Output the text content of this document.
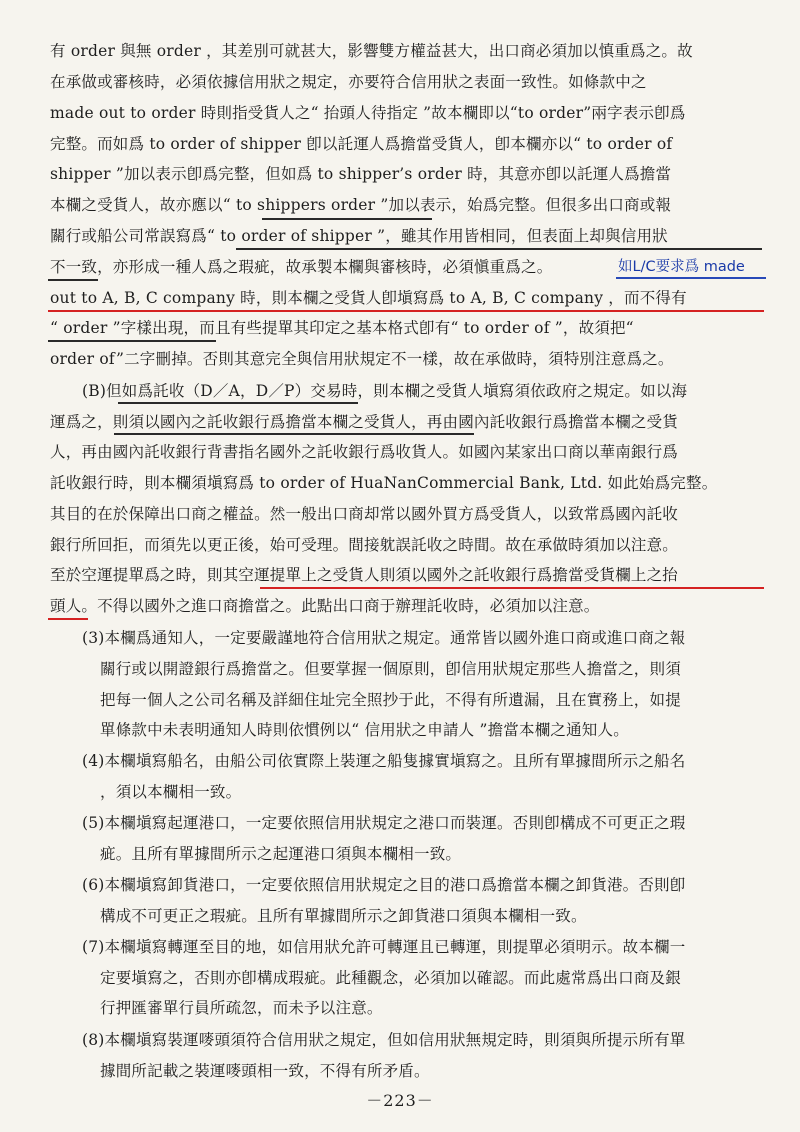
有 order 與無 order ，其差別可就甚大，影響雙方權益甚大，出口商必須加以慎重爲之。故
在承做或審核時，必須依據信用狀之規定，亦要符合信用狀之表面一致性。如條款中之
made out to order 時則指受貨人之“ 抬頭人待指定 ”故本欄即以“to order”兩字表示卽爲
完整。而如爲 to order of shipper 卽以託運人爲擔當受貨人，卽本欄亦以“ to order of
shipper ”加以表示卽爲完整，但如爲 to shipper’s order 時，其意亦卽以託運人爲擔當
本欄之受貨人，故亦應以“ to shippers order ”加以表示，始爲完整。但很多出口商或報
關行或船公司常誤寫爲“ to order of shipper ”，雖其作用皆相同，但表面上却與信用狀
不一致，亦形成一種人爲之瑕疵，故承製本欄與審核時，必須愼重爲之。	如L/C要求爲 made
out to A, B, C company 時，則本欄之受貨人卽塡寫爲 to A, B, C company ，而不得有
“ order ”字樣出現，而且有些提單其印定之基本格式卽有“ to order of ”，故須把“
order of”二字刪掉。否則其意完全與信用狀規定不一樣，故在承做時，須特別注意爲之。
(B)但如爲託收（D／A，D／P）交易時，則本欄之受貨人塡寫須依政府之規定。如以海
運爲之，則須以國內之託收銀行爲擔當本欄之受貨人，再由國內託收銀行爲擔當本欄之受貨
人，再由國內託收銀行背書指名國外之託收銀行爲收貨人。如國內某家出口商以華南銀行爲
託收銀行時，則本欄須塡寫爲 to order of HuaNanCommercial Bank, Ltd. 如此始爲完整。
其目的在於保障出口商之權益。然一般出口商却常以國外買方爲受貨人，以致常爲國內託收
銀行所回拒，而須先以更正後，始可受理。間接躭誤託收之時間。故在承做時須加以注意。
至於空運提單爲之時，則其空運提單上之受貨人則須以國外之託收銀行爲擔當受貨欄上之抬
頭人。不得以國外之進口商擔當之。此點出口商于辦理託收時，必須加以注意。
(3)本欄爲通知人，一定要嚴謹地符合信用狀之規定。通常皆以國外進口商或進口商之報
關行或以開證銀行爲擔當之。但要掌握一個原則，卽信用狀規定那些人擔當之，則須
把每一個人之公司名稱及詳細住址完全照抄于此，不得有所遺漏，且在實務上，如提
單條款中未表明通知人時則依慣例以“ 信用狀之申請人 ”擔當本欄之通知人。
(4)本欄塡寫船名，由船公司依實際上裝運之船隻據實塡寫之。且所有單據間所示之船名
，須以本欄相一致。
(5)本欄塡寫起運港口，一定要依照信用狀規定之港口而裝運。否則卽構成不可更正之瑕
疵。且所有單據間所示之起運港口須與本欄相一致。
(6)本欄塡寫卸貨港口，一定要依照信用狀規定之目的港口爲擔當本欄之卸貨港。否則卽
構成不可更正之瑕疵。且所有單據間所示之卸貨港口須與本欄相一致。
(7)本欄塡寫轉運至目的地，如信用狀允許可轉運且已轉運，則提單必須明示。故本欄一
定要塡寫之，否則亦卽構成瑕疵。此種觀念，必須加以確認。而此處常爲出口商及銀
行押匯審單行員所疏忽，而未予以注意。
(8)本欄塡寫裝運嘜頭須符合信用狀之規定，但如信用狀無規定時，則須與所提示所有單
據間所記載之裝運嘜頭相一致，不得有所矛盾。
－223－
